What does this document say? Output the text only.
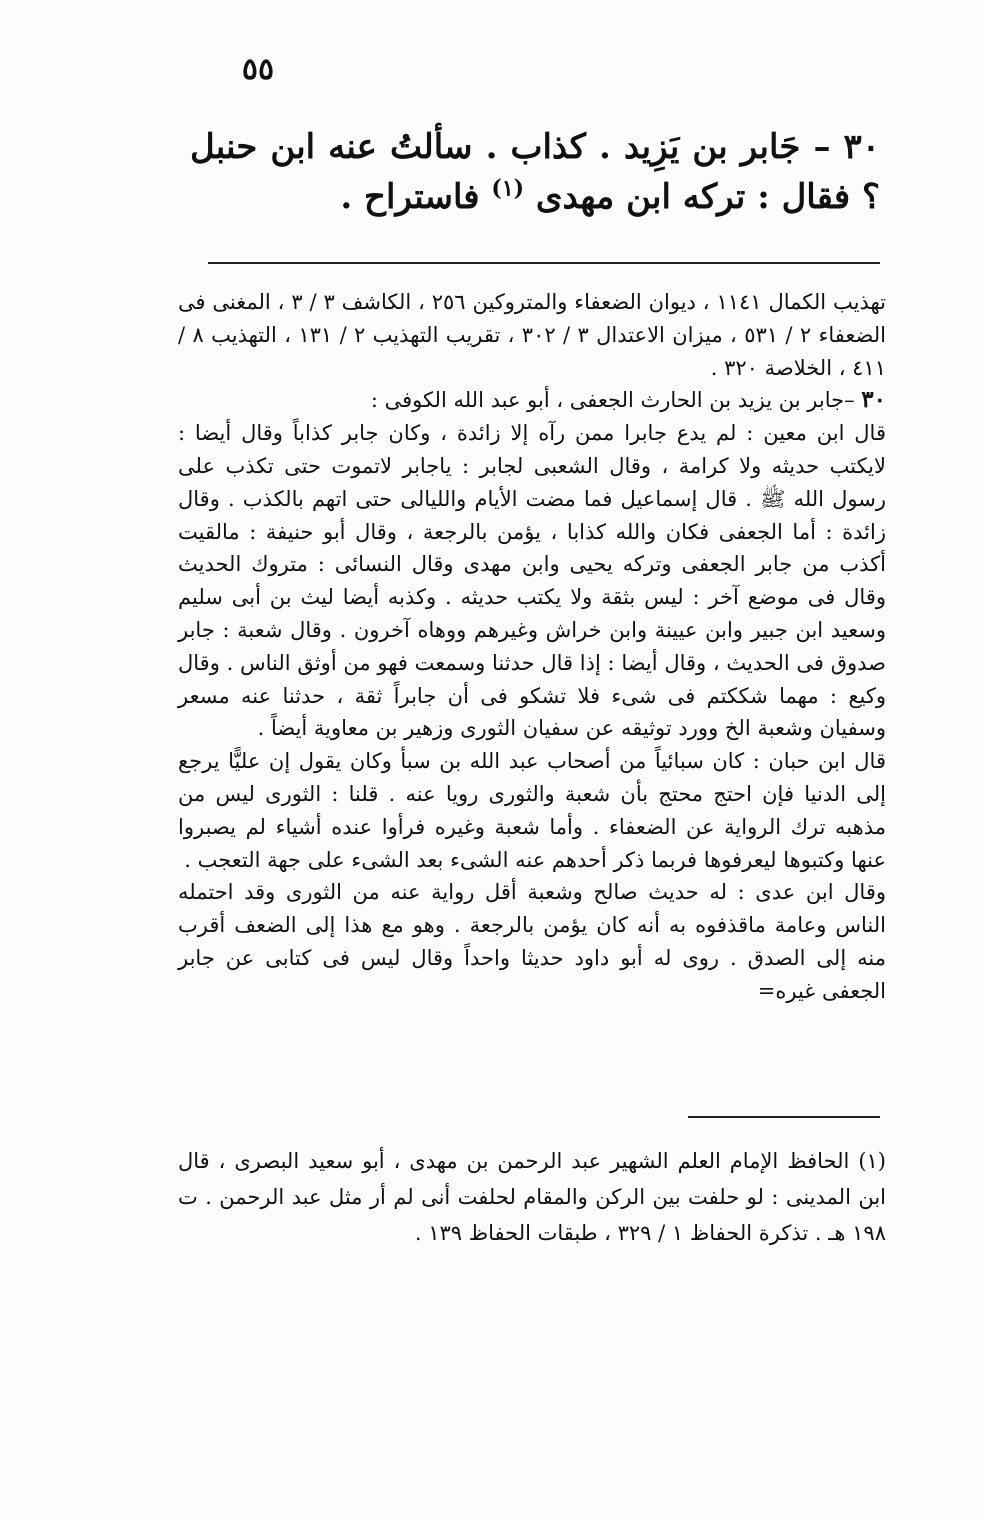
٥٥
٣٠ – جَابر بن يَزِيد . كذاب . سألتُ عنه ابن حنبل ؟ فقال : تركه ابن مهدى $^{(١)}$ فاستراح .

تهذيب الكمال ١١٤١ ، ديوان الضعفاء والمتروكين ٢٥٦ ، الكاشف ٣ / ٣ ، المغنى فى الضعفاء ٢ / ٥٣١ ، ميزان الاعتدال ٣ / ٣٠٢ ، تقريب التهذيب ٢ / ١٣١ ، التهذيب ٨ / ٤١١ ، الخلاصة ٣٢٠ .

٣٠ –جابر بن يزيد بن الحارث الجعفى ، أبو عبد الله الكوفى :

قال ابن معين : لم يدع جابرا ممن رآه إلا زائدة ، وكان جابر كذاباً وقال أيضا : لايكتب حديثه ولا كرامة ، وقال الشعبى لجابر : ياجابر لاتموت حتى تكذب على رسول الله ﷺ . قال إسماعيل فما مضت الأيام والليالى حتى اتهم بالكذب . وقال زائدة : أما الجعفى فكان والله كذابا ، يؤمن بالرجعة ، وقال أبو حنيفة : مالقيت أكذب من جابر الجعفى وتركه يحيى وابن مهدى وقال النسائى : متروك الحديث وقال فى موضع آخر : ليس بثقة ولا يكتب حديثه . وكذبه أيضا ليث بن أبى سليم وسعيد ابن جبير وابن عيينة وابن خراش وغيرهم ووهاه آخرون . وقال شعبة : جابر صدوق فى الحديث ، وقال أيضا : إذا قال حدثنا وسمعت فهو من أوثق الناس . وقال وكيع : مهما شككتم فى شىء فلا تشكو فى أن جابراً ثقة ، حدثنا عنه مسعر وسفيان وشعبة الخ وورد توثيقه عن سفيان الثورى وزهير بن معاوية أيضاً .

قال ابن حبان : كان سبائياً من أصحاب عبد الله بن سبأ وكان يقول إن عليًّا يرجع إلى الدنيا فإن احتج محتج بأن شعبة والثورى رويا عنه . قلنا : الثورى ليس من مذهبه ترك الرواية عن الضعفاء . وأما شعبة وغيره فرأوا عنده أشياء لم يصبروا عنها وكتبوها ليعرفوها فربما ذكر أحدهم عنه الشىء بعد الشىء على جهة التعجب .

وقال ابن عدى : له حديث صالح وشعبة أقل رواية عنه من الثورى وقد احتمله الناس وعامة ماقذفوه به أنه كان يؤمن بالرجعة . وهو مع هذا إلى الضعف أقرب منه إلى الصدق . روى له أبو داود حديثا واحداً وقال ليس فى كتابى عن جابر الجعفى غيره=

(١) الحافظ الإمام العلم الشهير عبد الرحمن بن مهدى ، أبو سعيد البصرى ، قال ابن المدينى : لو حلفت بين الركن والمقام لحلفت أنى لم أر مثل عبد الرحمن . ت ١٩٨ هـ . تذكرة الحفاظ ١ / ٣٢٩ ، طبقات الحفاظ ١٣٩ .
